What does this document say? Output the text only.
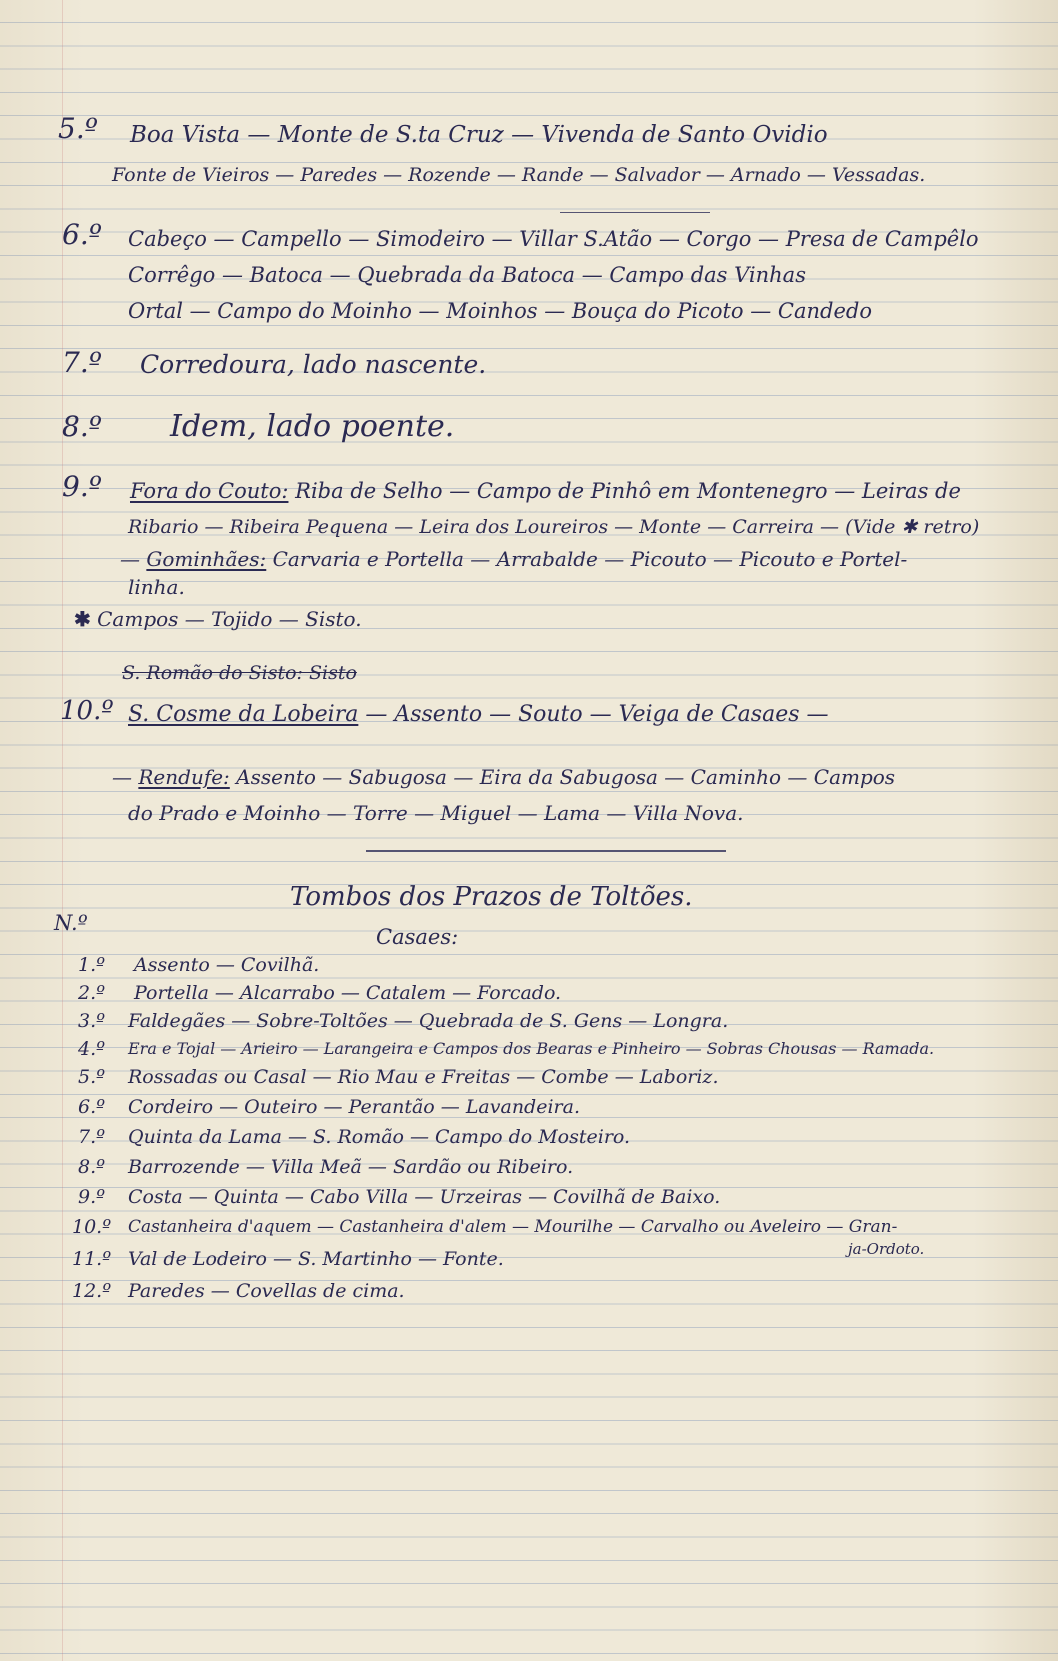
5.º Boa Vista — Monte de S.ta Cruz — Vivenda de Santo Ovidio
Fonte de Vieiros — Paredes — Rozende — Rande — Salvador — Arnado — Vessadas.
6.º Cabeço — Campello — Simodeiro — Villar S.Atão — Corgo — Presa de Campêlo
Corrêgo — Batoca — Quebrada da Batoca — Campo das Vinhas
Ortal — Campo do Moinho — Moinhos — Bouça do Picoto — Candedo
7.º Corredoura, lado nascente.
8.º Idem, lado poente.
9.º Fora do Couto: Riba de Selho — Campo de Pinhô em Montenegro — Leiras de
Ribario — Ribeira Pequena — Leira dos Loureiros — Monte — Carreira — (Vide ✱ retro)
— Gominhães: Carvaria e Portella — Arrabalde — Picouto — Picouto e Portel-
linha.
✱ Campos — Tojido — Sisto.
S. Romão do Sisto: Sisto
10.º S. Cosme da Lobeira — Assento — Souto — Veiga de Casaes —
— Rendufe: Assento — Sabugosa — Eira da Sabugosa — Caminho — Campos
do Prado e Moinho — Torre — Miguel — Lama — Villa Nova.
Tombos dos Prazos de Toltões.
N.º
Casaes:
1.º Assento — Covilhã.
2.º Portella — Alcarrabo — Catalem — Forcado.
3.º Faldegães — Sobre-Toltões — Quebrada de S. Gens — Longra.
4.º Era e Tojal — Arieiro — Larangeira e Campos dos Bearas e Pinheiro — Sobras Chousas — Ramada.
5.º Rossadas ou Casal — Rio Mau e Freitas — Combe — Laboriz.
6.º Cordeiro — Outeiro — Perantão — Lavandeira.
7.º Quinta da Lama — S. Romão — Campo do Mosteiro.
8.º Barrozende — Villa Meã — Sardão ou Ribeiro.
9.º Costa — Quinta — Cabo Villa — Urzeiras — Covilhã de Baixo.
10.º Castanheira d'aquem — Castanheira d'alem — Mourilhe — Carvalho ou Aveleiro — Gran-
ja-Ordoto.
11.º Val de Lodeiro — S. Martinho — Fonte.
12.º Paredes — Covellas de cima.
